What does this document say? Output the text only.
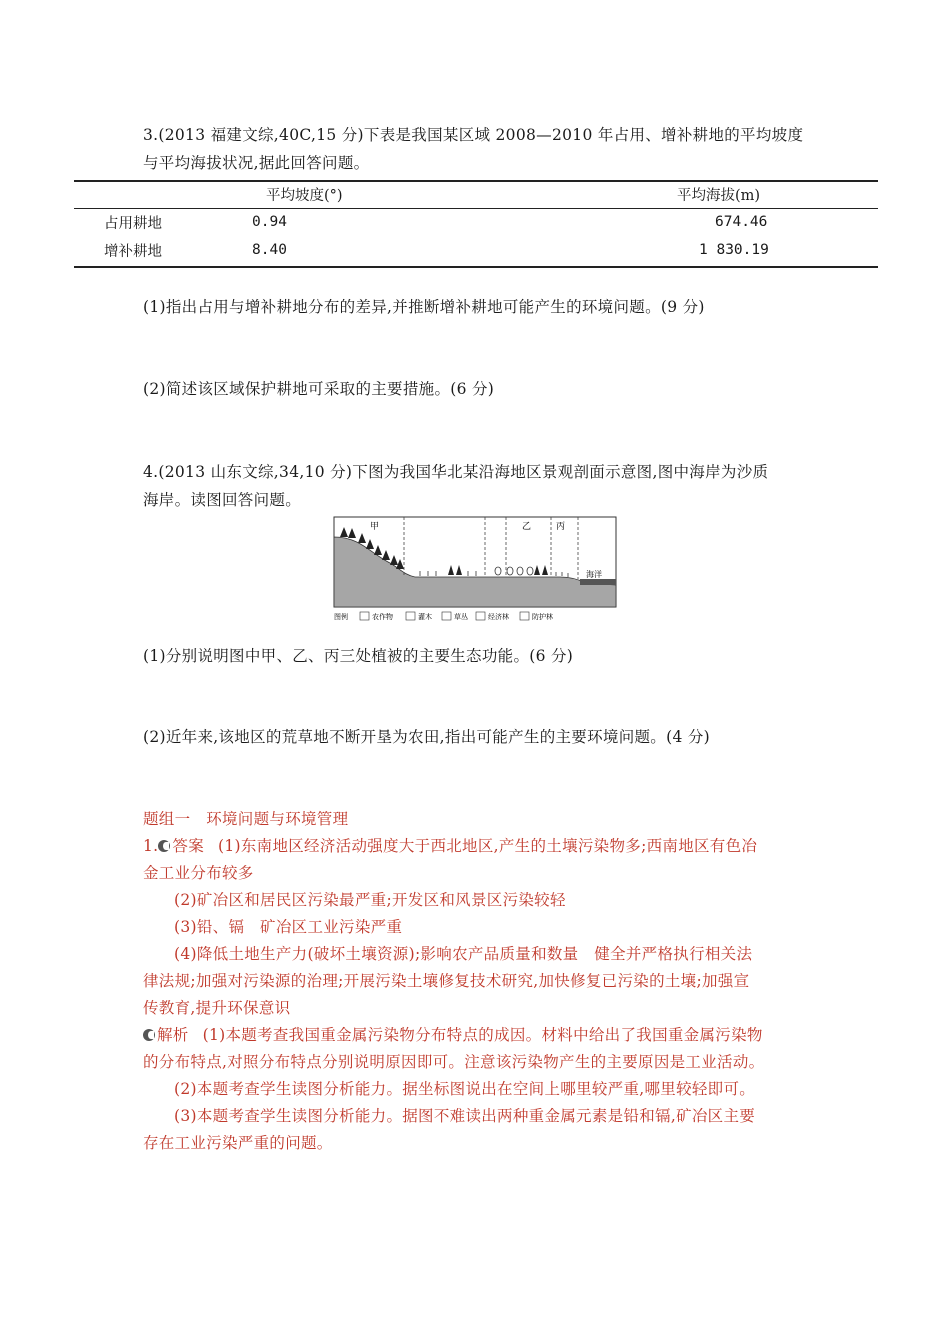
3.(2013 福建文综,40C,15 分)下表是我国某区域 2008—2010 年占用、增补耕地的平均坡度
与平均海拔状况,据此回答问题。
	平均坡度(°)	平均海拔(m)
占用耕地	0.94	674.46
增补耕地	8.40	1 830.19
(1)指出占用与增补耕地分布的差异,并推断增补耕地可能产生的环境问题。(9 分)
(2)简述该区域保护耕地可采取的主要措施。(6 分)
4.(2013 山东文综,34,10 分)下图为我国华北某沿海地区景观剖面示意图,图中海岸为沙质
海岸。读图回答问题。
甲	乙	丙
海洋
图例	农作物	灌木	草丛	经济林	防护林
(1)分别说明图中甲、乙、丙三处植被的主要生态功能。(6 分)
(2)近年来,该地区的荒草地不断开垦为农田,指出可能产生的主要环境问题。(4 分)
题组一　环境问题与环境管理
1. 答案 (1)东南地区经济活动强度大于西北地区,产生的土壤污染物多;西南地区有色冶
金工业分布较多
(2)矿冶区和居民区污染最严重;开发区和风景区污染较轻
(3)铅、镉　矿冶区工业污染严重
(4)降低土地生产力(破坏土壤资源);影响农产品质量和数量　健全并严格执行相关法
律法规;加强对污染源的治理;开展污染土壤修复技术研究,加快修复已污染的土壤;加强宣
传教育,提升环保意识
解析 (1)本题考查我国重金属污染物分布特点的成因。材料中给出了我国重金属污染物
的分布特点,对照分布特点分别说明原因即可。注意该污染物产生的主要原因是工业活动。
(2)本题考查学生读图分析能力。据坐标图说出在空间上哪里较严重,哪里较轻即可。
(3)本题考查学生读图分析能力。据图不难读出两种重金属元素是铅和镉,矿冶区主要
存在工业污染严重的问题。
